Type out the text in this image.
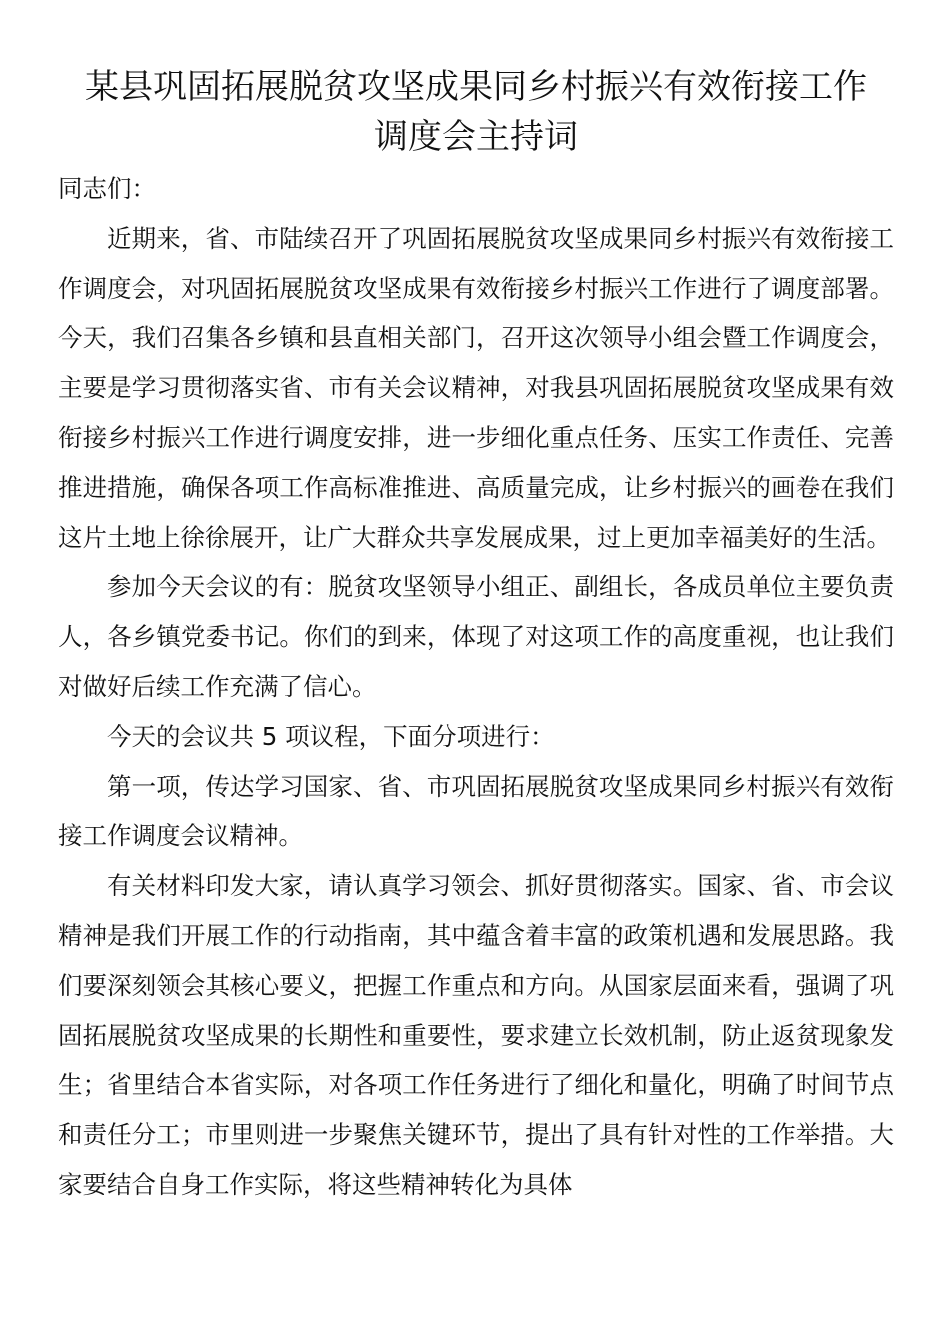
某县巩固拓展脱贫攻坚成果同乡村振兴有效衔接工作
调度会主持词

同志们：

近期来，省、市陆续召开了巩固拓展脱贫攻坚成果同乡村振兴有效衔接工作调度会，对巩固拓展脱贫攻坚成果有效衔接乡村振兴工作进行了调度部署。今天，我们召集各乡镇和县直相关部门，召开这次领导小组会暨工作调度会，主要是学习贯彻落实省、市有关会议精神，对我县巩固拓展脱贫攻坚成果有效衔接乡村振兴工作进行调度安排，进一步细化重点任务、压实工作责任、完善推进措施，确保各项工作高标准推进、高质量完成，让乡村振兴的画卷在我们这片土地上徐徐展开，让广大群众共享发展成果，过上更加幸福美好的生活。

参加今天会议的有：脱贫攻坚领导小组正、副组长，各成员单位主要负责人，各乡镇党委书记。你们的到来，体现了对这项工作的高度重视，也让我们对做好后续工作充满了信心。

今天的会议共 5 项议程，下面分项进行：

第一项，传达学习国家、省、市巩固拓展脱贫攻坚成果同乡村振兴有效衔接工作调度会议精神。

有关材料印发大家，请认真学习领会、抓好贯彻落实。国家、省、市会议精神是我们开展工作的行动指南，其中蕴含着丰富的政策机遇和发展思路。我们要深刻领会其核心要义，把握工作重点和方向。从国家层面来看，强调了巩固拓展脱贫攻坚成果的长期性和重要性，要求建立长效机制，防止返贫现象发生；省里结合本省实际，对各项工作任务进行了细化和量化，明确了时间节点和责任分工；市里则进一步聚焦关键环节，提出了具有针对性的工作举措。大家要结合自身工作实际，将这些精神转化为具体
